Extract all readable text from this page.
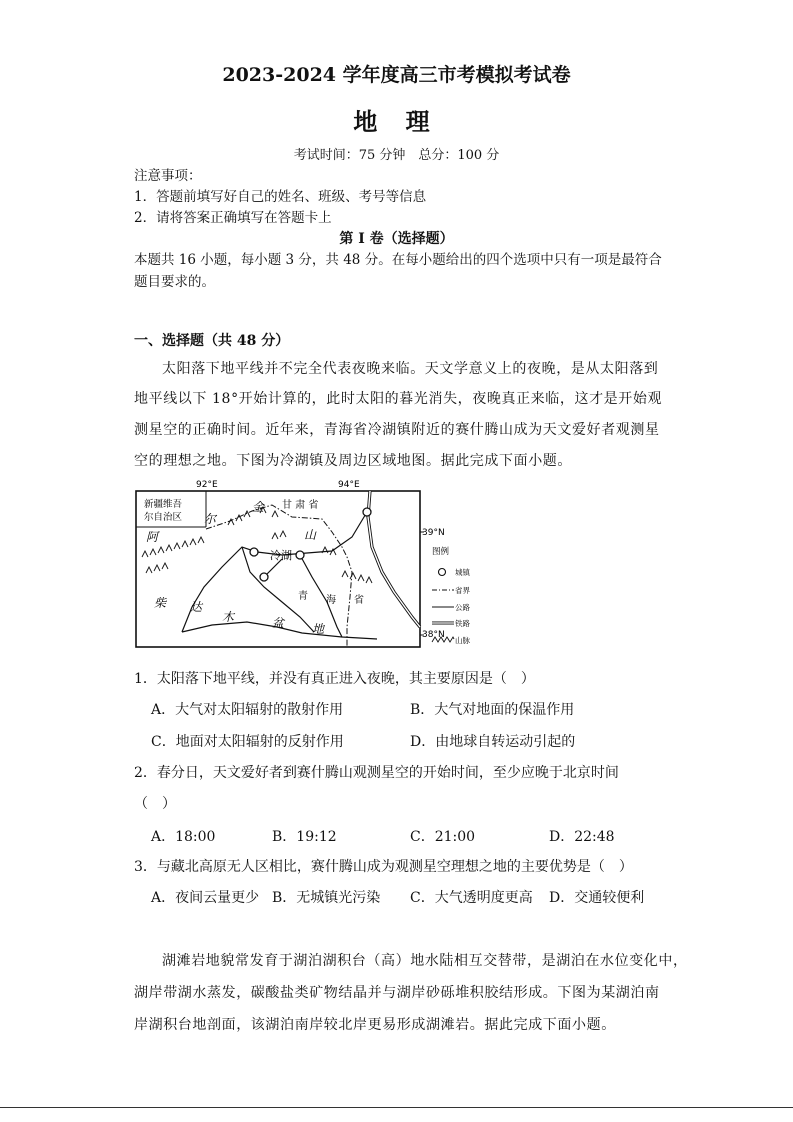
2023-2024 学年度高三市考模拟考试卷
地 理
考试时间：75 分钟　总分：100 分
注意事项：
1．答题前填写好自己的姓名、班级、考号等信息
2．请将答案正确填写在答题卡上
第 I 卷（选择题）
本题共 16 小题，每小题 3 分，共 48 分。在每小题给出的四个选项中只有一项是最符合
题目要求的。
一、选择题（共 48 分）
太阳落下地平线并不完全代表夜晚来临。天文学意义上的夜晚，是从太阳落到
地平线以下 18°开始计算的，此时太阳的暮光消失，夜晚真正来临，这才是开始观
测星空的正确时间。近年来，青海省冷湖镇附近的赛什腾山成为天文爱好者观测星
空的理想之地。下图为冷湖镇及周边区域地图。据此完成下面小题。
92°E	94°E
新疆维吾
尔自治区
甘 肃 省
冷湖
阿
尔
金
山
柴 达
木	盆 地
青 海 省
39°N
38°N
图例
城镇
省界
公路
铁路
山脉
1．太阳落下地平线，并没有真正进入夜晚，其主要原因是（　）
A．大气对太阳辐射的散射作用	B．大气对地面的保温作用
C．地面对太阳辐射的反射作用	D．由地球自转运动引起的
2．春分日，天文爱好者到赛什腾山观测星空的开始时间，至少应晚于北京时间
（　）
A．18:00	B．19:12	C．21:00	D．22:48
3．与藏北高原无人区相比，赛什腾山成为观测星空理想之地的主要优势是（　）
A．夜间云量更少 B．无城镇光污染 C．大气透明度更高 D．交通较便利
湖滩岩地貌常发育于湖泊湖积台（高）地水陆相互交替带，是湖泊在水位变化中，
湖岸带湖水蒸发，碳酸盐类矿物结晶并与湖岸砂砾堆积胶结形成。下图为某湖泊南
岸湖积台地剖面，该湖泊南岸较北岸更易形成湖滩岩。据此完成下面小题。
